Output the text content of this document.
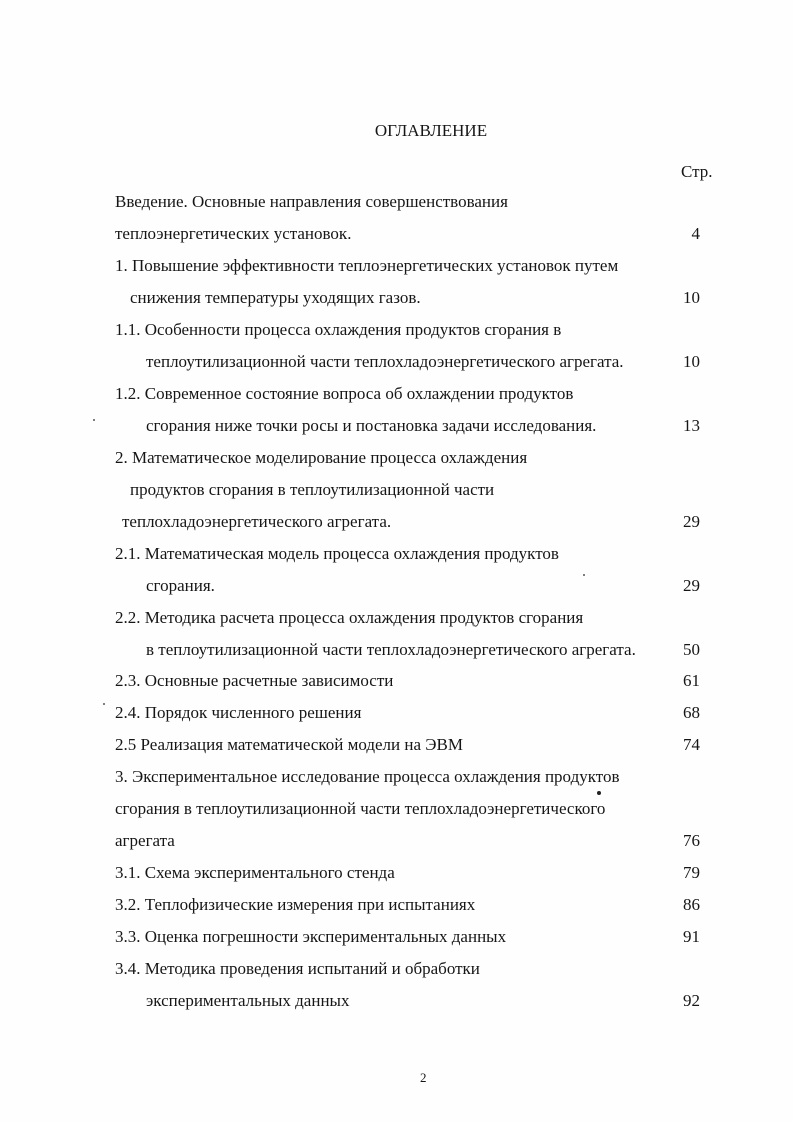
ОГЛАВЛЕНИЕ
Стр.
Введение. Основные направления совершенствования
теплоэнергетических установок.	4
1. Повышение эффективности теплоэнергетических установок путем
снижения температуры уходящих газов.	10
1.1. Особенности процесса охлаждения продуктов сгорания в
теплоутилизационной части теплохладоэнергетического агрегата.	10
1.2. Современное состояние вопроса об охлаждении продуктов
сгорания ниже точки росы и постановка задачи исследования.	13
2. Математическое моделирование процесса охлаждения
продуктов сгорания в теплоутилизационной части
теплохладоэнергетического агрегата.	29
2.1. Математическая модель процесса охлаждения продуктов
сгорания.	29
2.2. Методика расчета процесса охлаждения продуктов сгорания
в теплоутилизационной части теплохладоэнергетического агрегата.	50
2.3. Основные расчетные зависимости	61
2.4. Порядок численного решения	68
2.5 Реализация математической модели на ЭВМ	74
3. Экспериментальное исследование процесса охлаждения продуктов
сгорания в теплоутилизационной части теплохладоэнергетического
агрегата	76
3.1. Схема экспериментального стенда	79
3.2. Теплофизические измерения при испытаниях	86
3.3. Оценка погрешности экспериментальных данных	91
3.4. Методика проведения испытаний и обработки
экспериментальных данных	92
2
